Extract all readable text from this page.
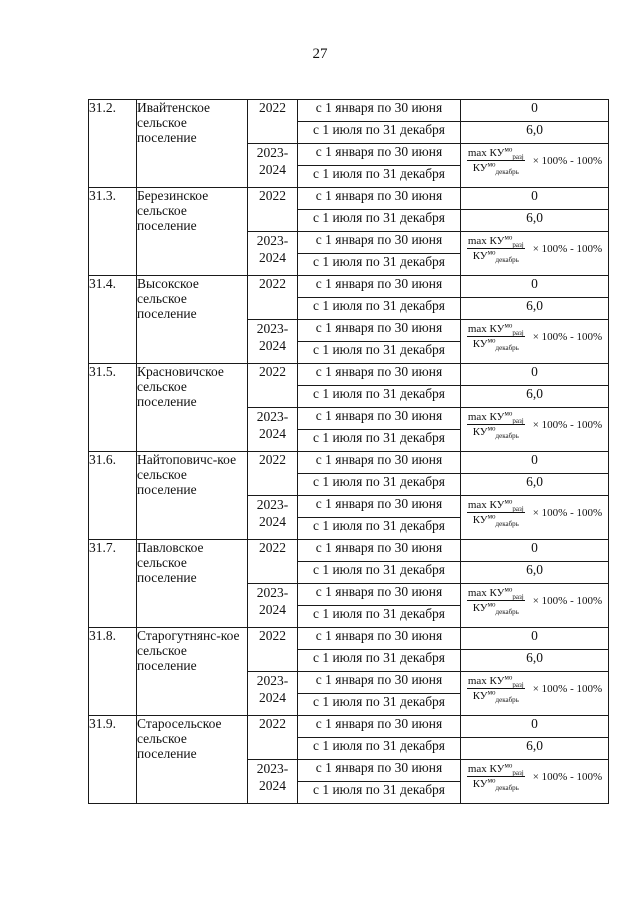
27
31.2.	Ивайтенское сельское поселение	2022	с 1 января по 30 июня	0
			с 1 июля по 31 декабря	6,0
		2023-2024	с 1 января по 30 июня	$\frac{\max КУ^{мо}_{pазj}}{КУ^{мо}_{декабрь}} \times 100\% - 100\%$

			с 1 июля по 31 декабря	
31.3.	Березинское сельское поселение	2022	с 1 января по 30 июня	0
			с 1 июля по 31 декабря	6,0
		2023-2024	с 1 января по 30 июня	$\frac{\max КУ^{мо}_{pазj}}{КУ^{мо}_{декабрь}} \times 100\% - 100\%$

			с 1 июля по 31 декабря	
31.4.	Высокское сельское поселение	2022	с 1 января по 30 июня	0
			с 1 июля по 31 декабря	6,0
		2023-2024	с 1 января по 30 июня	$\frac{\max КУ^{мо}_{pазj}}{КУ^{мо}_{декабрь}} \times 100\% - 100\%$

			с 1 июля по 31 декабря	
31.5.	Красновичское сельское поселение	2022	с 1 января по 30 июня	0
			с 1 июля по 31 декабря	6,0
		2023-2024	с 1 января по 30 июня	$\frac{\max КУ^{мо}_{pазj}}{КУ^{мо}_{декабрь}} \times 100\% - 100\%$

			с 1 июля по 31 декабря	
31.6.	Найтоповичс-кое сельское поселение	2022	с 1 января по 30 июня	0
			с 1 июля по 31 декабря	6,0
		2023-2024	с 1 января по 30 июня	$\frac{\max КУ^{мо}_{pазj}}{КУ^{мо}_{декабрь}} \times 100\% - 100\%$

			с 1 июля по 31 декабря	
31.7.	Павловское сельское поселение	2022	с 1 января по 30 июня	0
			с 1 июля по 31 декабря	6,0
		2023-2024	с 1 января по 30 июня	$\frac{\max КУ^{мо}_{pазj}}{КУ^{мо}_{декабрь}} \times 100\% - 100\%$

			с 1 июля по 31 декабря	
31.8.	Старогутнянс-кое сельское поселение	2022	с 1 января по 30 июня	0
			с 1 июля по 31 декабря	6,0
		2023-2024	с 1 января по 30 июня	$\frac{\max КУ^{мо}_{pазj}}{КУ^{мо}_{декабрь}} \times 100\% - 100\%$

			с 1 июля по 31 декабря	
31.9.	Старосельское сельское поселение	2022	с 1 января по 30 июня	0
			с 1 июля по 31 декабря	6,0
		2023-2024	с 1 января по 30 июня	$\frac{\max КУ^{мо}_{pазj}}{КУ^{мо}_{декабрь}} \times 100\% - 100\%$

			с 1 июля по 31 декабря	
